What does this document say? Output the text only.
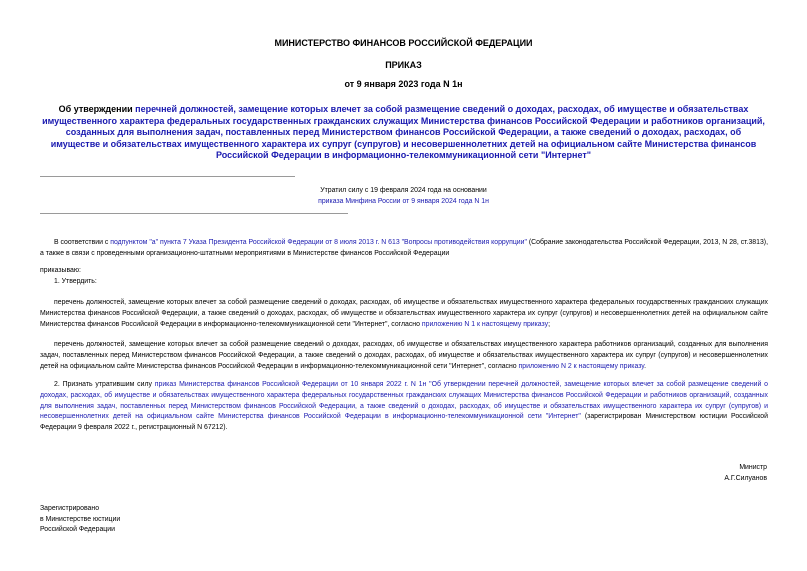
МИНИСТЕРСТВО ФИНАНСОВ РОССИЙСКОЙ ФЕДЕРАЦИИ
ПРИКАЗ
от 9 января 2023 года N 1н
Об утверждении перечней должностей, замещение которых влечет за собой размещение сведений о доходах, расходах, об имуществе и обязательствах имущественного характера федеральных государственных гражданских служащих Министерства финансов Российской Федерации и работников организаций, созданных для выполнения задач, поставленных перед Министерством финансов Российской Федерации, а также сведений о доходах, расходах, об имуществе и обязательствах имущественного характера их супруг (супругов) и несовершеннолетних детей на официальном сайте Министерства финансов Российской Федерации в информационно-телекоммуникационной сети "Интернет"
Утратил силу с 19 февраля 2024 года на основании
приказа Минфина России от 9 января 2024 года N 1н
В соответствии с подпунктом "а" пункта 7 Указа Президента Российской Федерации от 8 июля 2013 г. N 613 "Вопросы противодействия коррупции" (Собрание законодательства Российской Федерации, 2013, N 28, ст.3813), а также в связи с проведенными организационно-штатными мероприятиями в Министерстве финансов Российской Федерации
приказываю:
1. Утвердить:
перечень должностей, замещение которых влечет за собой размещение сведений о доходах, расходах, об имуществе и обязательствах имущественного характера федеральных государственных гражданских служащих Министерства финансов Российской Федерации, а также сведений о доходах, расходах, об имуществе и обязательствах имущественного характера их супруг (супругов) и несовершеннолетних детей на официальном сайте Министерства финансов Российской Федерации в информационно-телекоммуникационной сети "Интернет", согласно приложению N 1 к настоящему приказу;
перечень должностей, замещение которых влечет за собой размещение сведений о доходах, расходах, об имуществе и обязательствах имущественного характера работников организаций, созданных для выполнения задач, поставленных перед Министерством финансов Российской Федерации, а также сведений о доходах, расходах, об имуществе и обязательствах имущественного характера их супруг (супругов) и несовершеннолетних детей на официальном сайте Министерства финансов Российской Федерации в информационно-телекоммуникационной сети "Интернет", согласно приложению N 2 к настоящему приказу.
2. Признать утратившим силу приказ Министерства финансов Российской Федерации от 10 января 2022 г. N 1н "Об утверждении перечней должностей, замещение которых влечет за собой размещение сведений о доходах, расходах, об имуществе и обязательствах имущественного характера федеральных государственных гражданских служащих Министерства финансов Российской Федерации и работников организаций, созданных для выполнения задач, поставленных перед Министерством финансов Российской Федерации, а также сведений о доходах, расходах, об имуществе и обязательствах имущественного характера их супруг (супругов) и несовершеннолетних детей на официальном сайте Министерства финансов Российской Федерации в информационно-телекоммуникационной сети "Интернет" (зарегистрирован Министерством юстиции Российской Федерации 9 февраля 2022 г., регистрационный N 67212).
Министр
А.Г.Силуанов
Зарегистрировано
в Министерстве юстиции
Российской Федерации
